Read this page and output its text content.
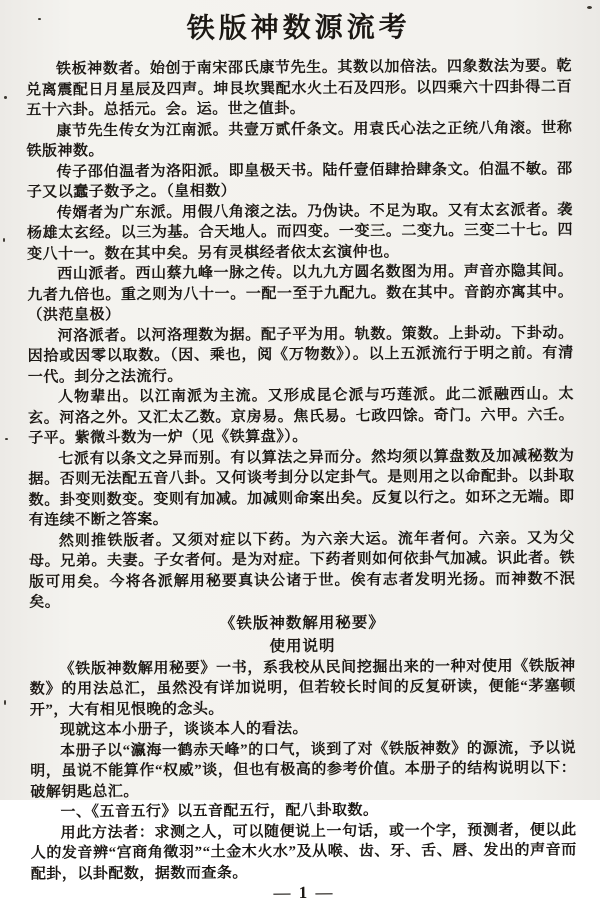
铁版神数源流考

铁板神数者。始创于南宋邵氏康节先生。其数以加倍法。四象数法为要。乾兑离震配日月星辰及四声。坤艮坎巽配水火土石及四形。以四乘六十四卦得二百五十六卦。总括元。会。运。世之值卦。

康节先生传女为江南派。共壹万贰仟条文。用袁氏心法之正统八角滚。世称铁版神数。

传子邵伯温者为洛阳派。即皇极天书。陆仟壹佰肆拾肆条文。伯温不敏。邵子又以蠢子数予之。（皇相数）

传婿者为广东派。用假八角滚之法。乃伪诀。不足为取。又有太玄派者。袭杨雄太玄经。以三为基。合天地人。而四变。一变三。二变九。三变二十七。四变八十一。数在其中矣。另有灵棋经者依太玄演仲也。

西山派者。西山蔡九峰一脉之传。以九九方圆名数图为用。声音亦隐其间。九者九倍也。重之则为八十一。一配一至于九配九。数在其中。音韵亦寓其中。（洪范皇极）

河洛派者。以河洛理数为据。配子平为用。轨数。策数。上卦动。下卦动。因拾或因零以取数。（因、乘也，阅《万物数》）。以上五派流行于明之前。有清一代。刲分之法流行。

人物辈出。以江南派为主流。又形成昆仑派与巧莲派。此二派融西山。太玄。河洛之外。又汇太乙数。京房易。焦氏易。七政四馀。奇门。六甲。六壬。子平。紫微斗数为一炉（见《铁算盘》）。

七派有以条文之异而别。有以算法之异而分。然均须以算盘数及加减秘数为据。否则无法配五音八卦。又何谈考刲分以定卦气。是则用之以命配卦。以卦取数。卦变则数变。变则有加减。加减则命案出矣。反复以行之。如环之无端。即有连续不断之答案。

然则推铁版者。又须对症以下药。为六亲大运。流年者何。六亲。又为父母。兄弟。夫妻。子女者何。是为对症。下药者则如何依卦气加减。识此者。铁版可用矣。今将各派解用秘要真诀公诸于世。俟有志者发明光扬。而神数不泯矣。

《铁版神数解用秘要》
使用说明

《铁版神数解用秘要》一书，系我校从民间挖掘出来的一种对使用《铁版神数》的用法总汇，虽然没有详加说明，但若较长时间的反复研读，便能“茅塞顿开”，大有相见恨晚的念头。

现就这本小册子，谈谈本人的看法。

本册子以“瀛海一鹤赤天峰”的口气，谈到了对《铁版神数》的源流，予以说明，虽说不能算作“权威”谈，但也有极高的参考价值。本册子的结构说明以下：破解钥匙总汇。

一、《五音五行》以五音配五行，配八卦取数。

用此方法者：求测之人，可以随便说上一句话，或一个字，预测者，便以此人的发音辨“宫商角徵羽”“土金木火水”及从喉、齿、牙、舌、唇、发出的声音而配卦，以卦配数，据数而查条。

— 1 —
